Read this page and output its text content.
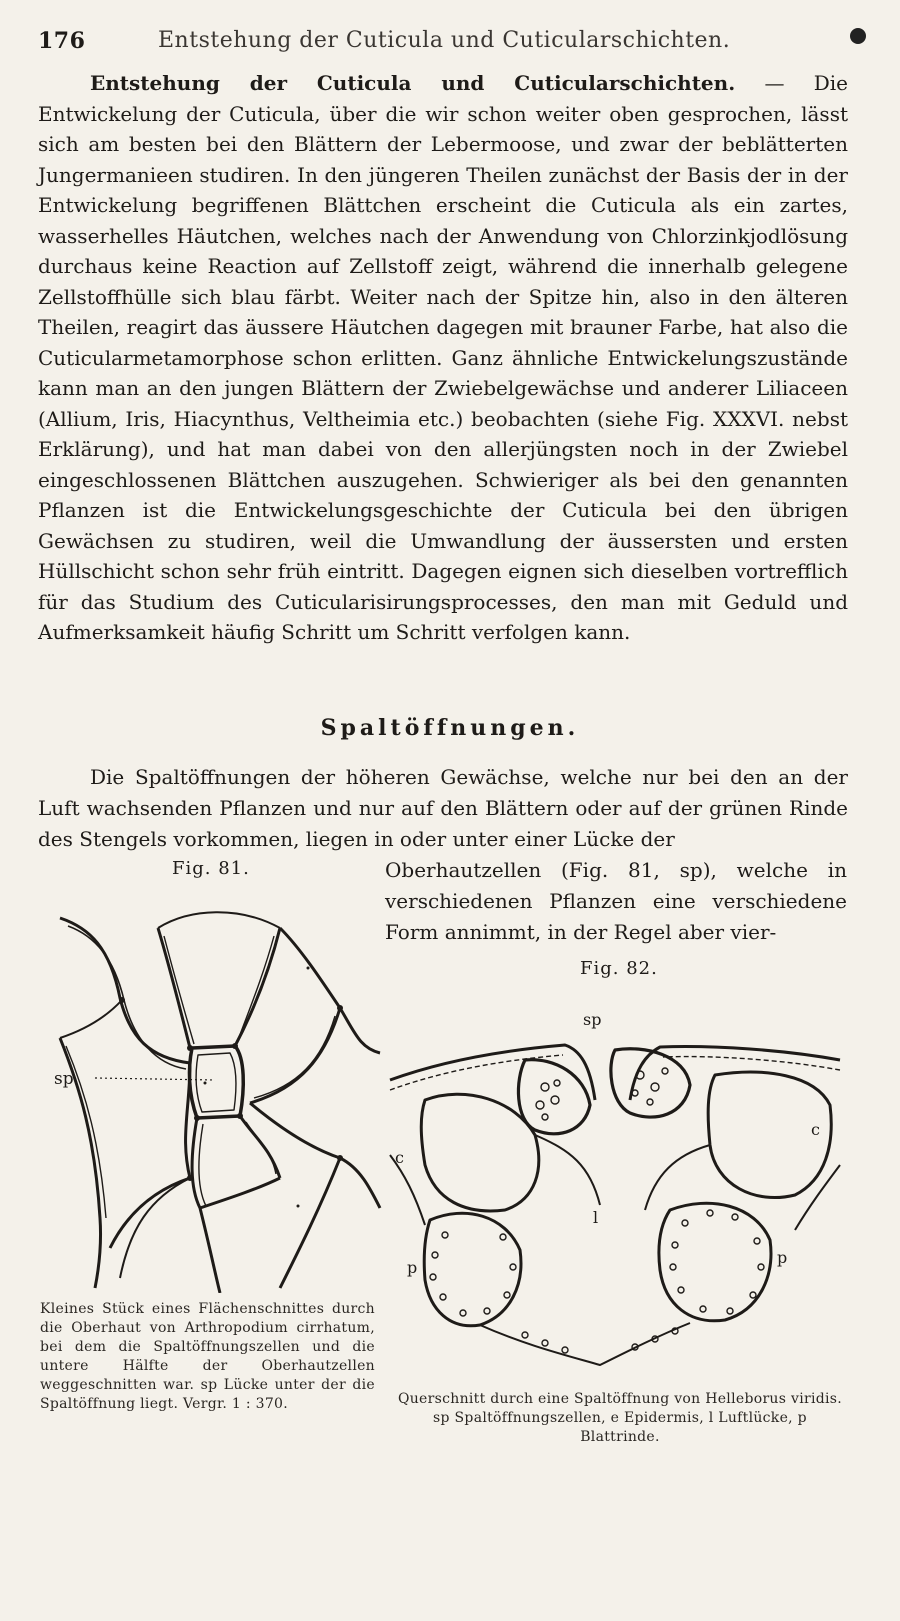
176	Entstehung der Cuticula und Cuticularschichten.

Entstehung der Cuticula und Cuticularschichten. — Die Entwickelung der Cuticula, über die wir schon weiter oben gesprochen, lässt sich am besten bei den Blättern der Lebermoose, und zwar der beblätterten Jungermanieen studiren. In den jüngeren Theilen zunächst der Basis der in der Entwickelung begriffenen Blättchen erscheint die Cuticula als ein zartes, wasserhelles Häutchen, welches nach der Anwendung von Chlorzinkjodlösung durchaus keine Reaction auf Zellstoff zeigt, während die innerhalb gelegene Zellstoffhülle sich blau färbt. Weiter nach der Spitze hin, also in den älteren Theilen, reagirt das äussere Häutchen dagegen mit brauner Farbe, hat also die Cuticularmetamorphose schon erlitten. Ganz ähnliche Entwickelungszustände kann man an den jungen Blättern der Zwiebelgewächse und anderer Liliaceen (Allium, Iris, Hiacynthus, Veltheimia etc.) beobachten (siehe Fig. XXXVI. nebst Erklärung), und hat man dabei von den allerjüngsten noch in der Zwiebel eingeschlossenen Blättchen auszugehen. Schwieriger als bei den genannten Pflanzen ist die Entwickelungsgeschichte der Cuticula bei den übrigen Gewächsen zu studiren, weil die Umwandlung der äussersten und ersten Hüllschicht schon sehr früh eintritt. Dagegen eignen sich dieselben vortrefflich für das Studium des Cuticularisirungsprocesses, den man mit Geduld und Aufmerksamkeit häufig Schritt um Schritt verfolgen kann.

Spaltöffnungen.

Die Spaltöffnungen der höheren Gewächse, welche nur bei den an der Luft wachsenden Pflanzen und nur auf den Blättern oder auf der grünen Rinde des Stengels vorkommen, liegen in oder unter einer Lücke der

Fig. 81.	Oberhautzellen (Fig. 81, sp), welche in verschiedenen Pflanzen eine verschiedene Form annimmt, in der Regel aber vier-

Fig. 82.
sp
sp
c
c
l
p
p

Kleines Stück eines Flächenschnittes durch die Oberhaut von Arthropodium cirrhatum, bei dem die Spaltöffnungszellen und die untere Hälfte der Oberhautzellen weggeschnitten war. sp Lücke unter der die Spaltöffnung liegt. Vergr. 1 : 370.	Querschnitt durch eine Spaltöffnung von Helleborus viridis. sp Spaltöffnungszellen, e Epidermis, l Luftlücke, p Blattrinde.
